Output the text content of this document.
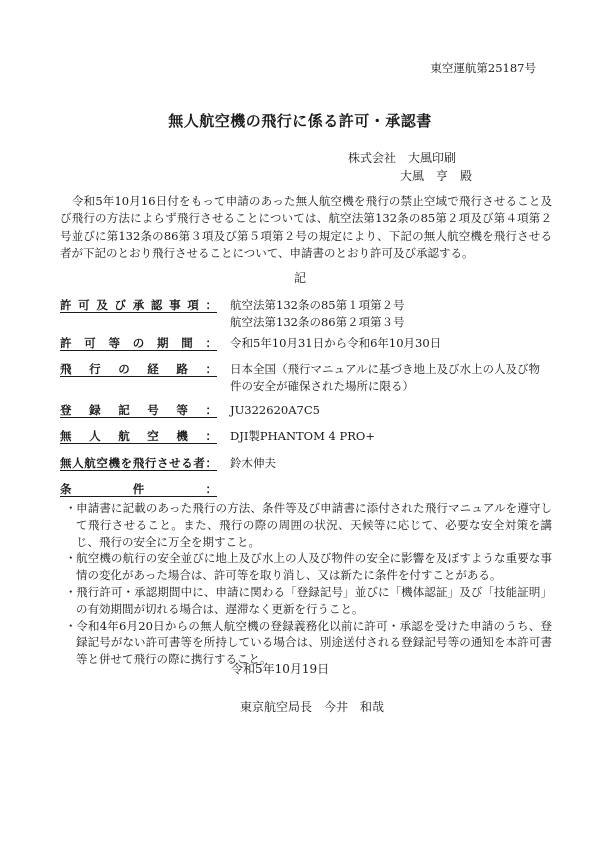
東空運航第25187号
無人航空機の飛行に係る許可・承認書
株式会社　大風印刷
大風　亨　殿
令和5年10月16日付をもって申請のあった無人航空機を飛行の禁止空域で飛行させること及び飛行の方法によらず飛行させることについては、航空法第132条の85第２項及び第４項第２号並びに第132条の86第３項及び第５項第２号の規定により、下記の無人航空機を飛行させる者が下記のとおり飛行させることについて、申請書のとおり許可及び承認する。
記
許可及び承認事項： 航空法第132条の85第１項第２号
航空法第132条の86第２項第３号
許可等の期間： 令和5年10月31日から令和6年10月30日
飛行の経路： 日本全国（飛行マニュアルに基づき地上及び水上の人及び物件の安全が確保された場所に限る）
登録記号等： JU322620A7C5
無人航空機： DJI製PHANTOM 4 PRO+
無人航空機を飛行させる者： 鈴木伸夫
条件：
・申請書に記載のあった飛行の方法、条件等及び申請書に添付された飛行マニュアルを遵守して飛行させること。また、飛行の際の周囲の状況、天候等に応じて、必要な安全対策を講じ、飛行の安全に万全を期すこと。
・航空機の航行の安全並びに地上及び水上の人及び物件の安全に影響を及ぼすような重要な事情の変化があった場合は、許可等を取り消し、又は新たに条件を付すことがある。
・飛行許可・承認期間中に、申請に関わる「登録記号」並びに「機体認証」及び「技能証明」の有効期間が切れる場合は、遅滞なく更新を行うこと。
・令和4年6月20日からの無人航空機の登録義務化以前に許可・承認を受けた申請のうち、登録記号がない許可書等を所持している場合は、別途送付される登録記号等の通知を本許可書等と併せて飛行の際に携行すること。
令和5年10月19日
東京航空局長　今井　和哉
